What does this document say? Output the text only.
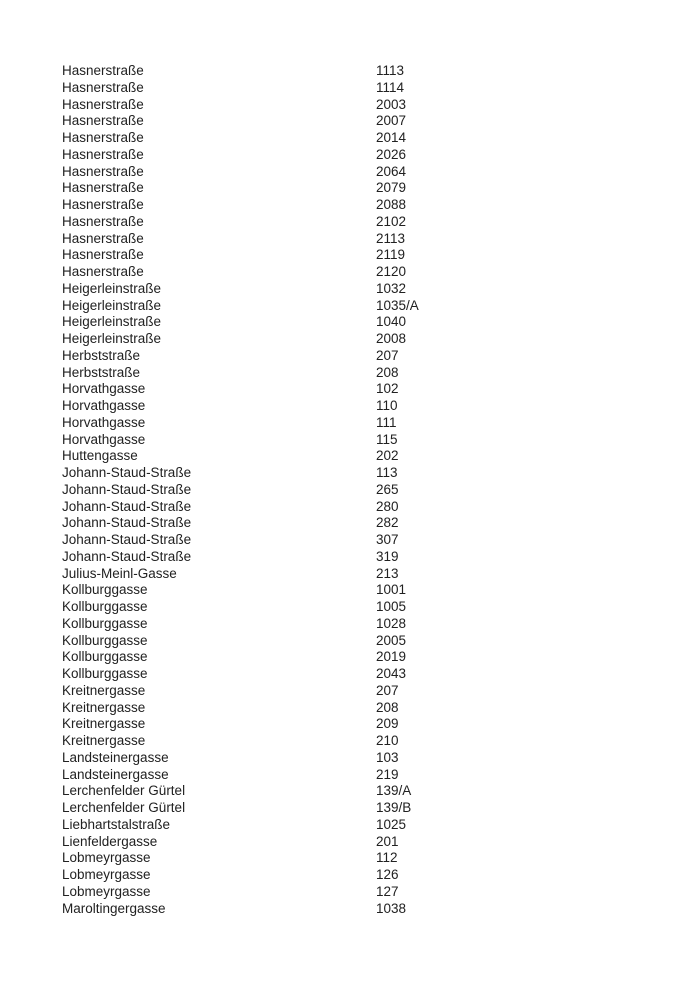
Hasnerstraße	1113
Hasnerstraße	1114
Hasnerstraße	2003
Hasnerstraße	2007
Hasnerstraße	2014
Hasnerstraße	2026
Hasnerstraße	2064
Hasnerstraße	2079
Hasnerstraße	2088
Hasnerstraße	2102
Hasnerstraße	2113
Hasnerstraße	2119
Hasnerstraße	2120
Heigerleinstraße	1032
Heigerleinstraße	1035/A
Heigerleinstraße	1040
Heigerleinstraße	2008
Herbststraße	207
Herbststraße	208
Horvathgasse	102
Horvathgasse	110
Horvathgasse	111
Horvathgasse	115
Huttengasse	202
Johann-Staud-Straße	113
Johann-Staud-Straße	265
Johann-Staud-Straße	280
Johann-Staud-Straße	282
Johann-Staud-Straße	307
Johann-Staud-Straße	319
Julius-Meinl-Gasse	213
Kollburggasse	1001
Kollburggasse	1005
Kollburggasse	1028
Kollburggasse	2005
Kollburggasse	2019
Kollburggasse	2043
Kreitnergasse	207
Kreitnergasse	208
Kreitnergasse	209
Kreitnergasse	210
Landsteinergasse	103
Landsteinergasse	219
Lerchenfelder Gürtel	139/A
Lerchenfelder Gürtel	139/B
Liebhartstalstraße	1025
Lienfeldergasse	201
Lobmeyrgasse	112
Lobmeyrgasse	126
Lobmeyrgasse	127
Maroltingergasse	1038
